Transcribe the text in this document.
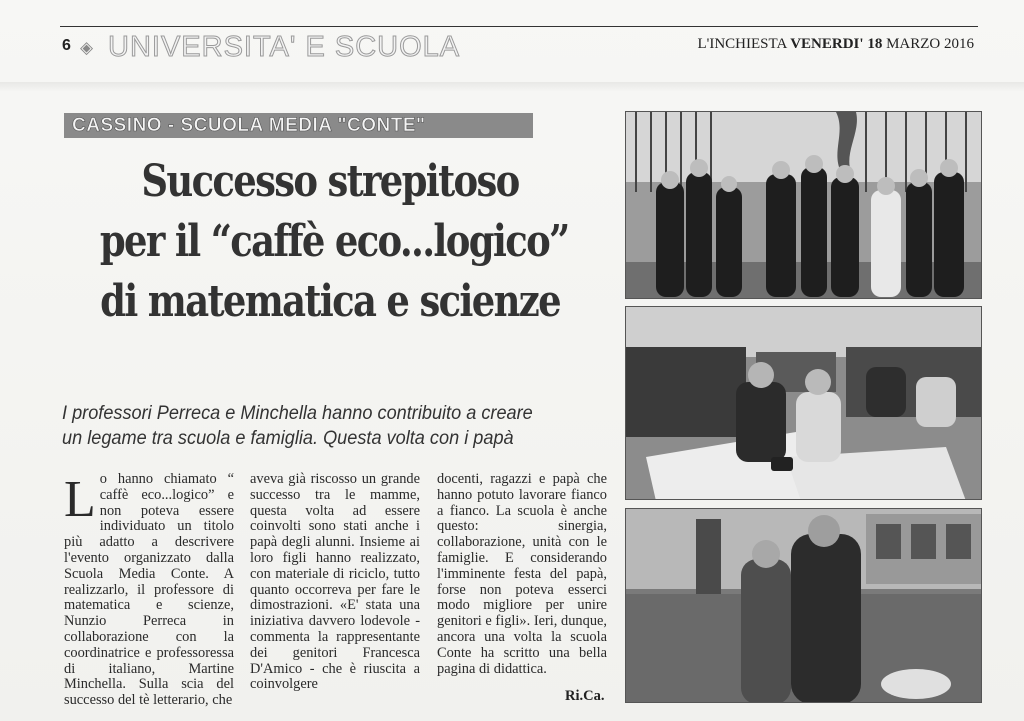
6 ◈ UNIVERSITA' E SCUOLA	L'INCHIESTA VENERDI' 18 MARZO 2016
CASSINO - SCUOLA MEDIA "CONTE"
Successo strepitoso
per il “caffè eco...logico”
di matematica e scienze
I professori Perreca e Minchella hanno contribuito a creare
un legame tra scuola e famiglia. Questa volta con i papà
L o hanno chiamato “ caffè eco...logico” e non poteva essere individuato un titolo più adatto a descrivere l'evento organizzato dalla Scuola Media Conte. A realizzarlo, il professore di matematica e scienze, Nunzio Perreca in collaborazione con la coordinatrice e professoressa di italiano, Martine Minchella. Sulla scia del successo del tè letterario, che

aveva già riscosso un grande successo tra le mamme, questa volta ad essere coinvolti sono stati anche i papà degli alunni. Insieme ai loro figli hanno realizzato, con materiale di riciclo, tutto quanto occorreva per fare le dimostrazioni. «E' stata una iniziativa davvero lodevole - commenta la rappresentante dei genitori Francesca D'Amico - che è riuscita a coinvolgere

docenti, ragazzi e papà che hanno potuto lavorare fianco a fianco. La scuola è anche questo: sinergia, collaborazione, unità con le famiglie. E considerando l'imminente festa del papà, forse non poteva esserci modo migliore per unire genitori e figli». Ieri, dunque, ancora una volta la scuola Conte ha scritto una bella pagina di didattica.

Ri.Ca.
